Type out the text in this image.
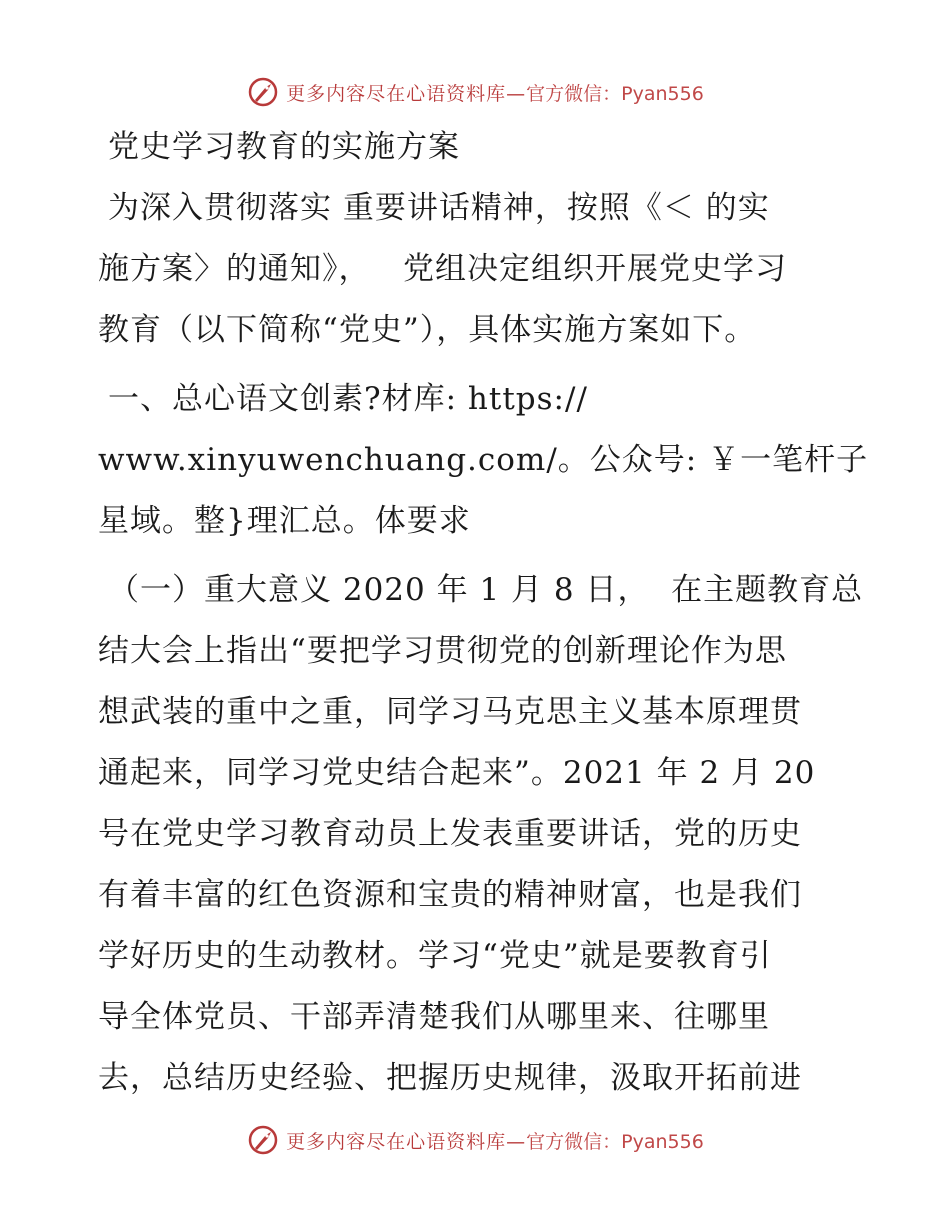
更多内容尽在心语资料库—官方微信：Pyan556

党史学习教育的实施方案

为深入贯彻落实 重要讲话精神，按照《＜ 的实
施方案〉的通知》，   党组决定组织开展党史学习
教育（以下简称“党史”），具体实施方案如下。

一、总心语文创素?材库: https://
www.xinyuwenchuang.com/。公众号: ￥一笔杆子
星域。整}理汇总。体要求

（一）重大意义 2020 年 1 月 8 日，  在主题教育总
结大会上指出“要把学习贯彻党的创新理论作为思
想武装的重中之重，同学习马克思主义基本原理贯
通起来，同学习党史结合起来”。2021 年 2 月 20
号在党史学习教育动员上发表重要讲话，党的历史
有着丰富的红色资源和宝贵的精神财富，也是我们
学好历史的生动教材。学习“党史”就是要教育引
导全体党员、干部弄清楚我们从哪里来、往哪里
去，总结历史经验、把握历史规律，汲取开拓前进

更多内容尽在心语资料库—官方微信：Pyan556
